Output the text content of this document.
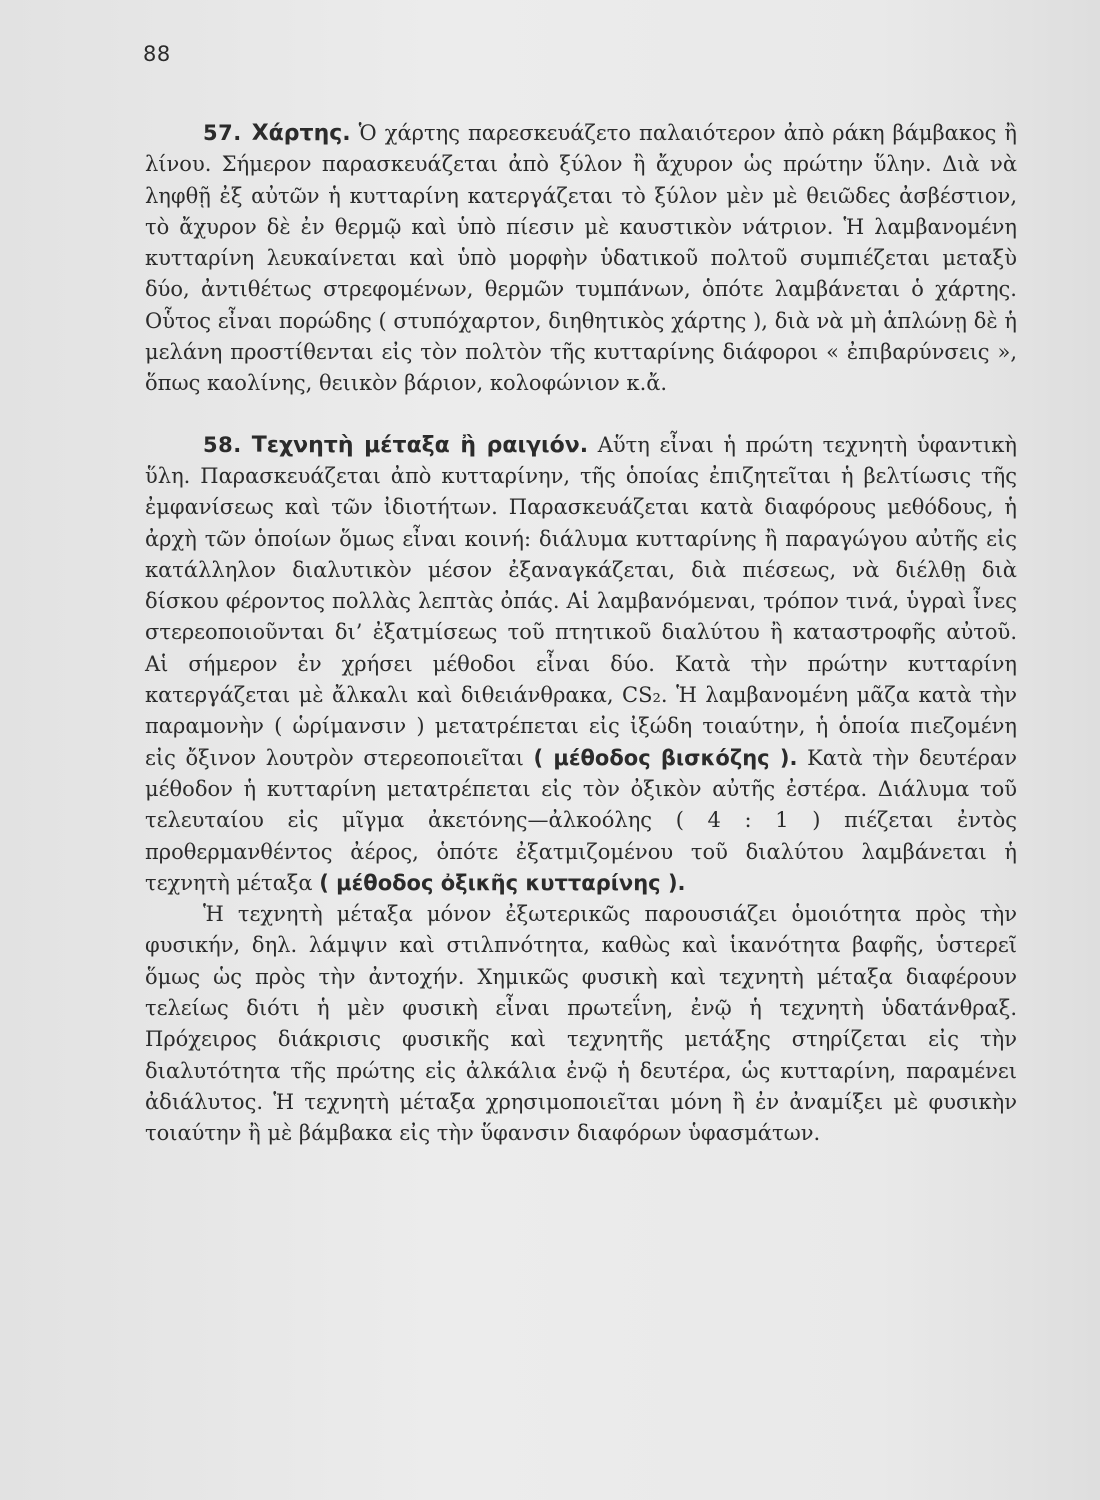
88

57. Χάρτης. Ὁ χάρτης παρεσκευάζετο παλαιότερον ἀπὸ ράκη βάμβακος ἢ λίνου. Σήμερον παρασκευάζεται ἀπὸ ξύλον ἢ ἄχυρον ὡς πρώτην ὕλην. Διὰ νὰ ληφθῇ ἐξ αὐτῶν ἡ κυτταρίνη κατεργάζεται τὸ ξύλον μὲν μὲ θειῶδες ἀσβέστιον, τὸ ἄχυρον δὲ ἐν θερμῷ καὶ ὑπὸ πίεσιν μὲ καυστικὸν νάτριον. Ἡ λαμβανομένη κυτταρίνη λευκαίνεται καὶ ὑπὸ μορφὴν ὑδατικοῦ πολτοῦ συμπιέζεται μεταξὺ δύο, ἀντιθέτως στρεφομένων, θερμῶν τυμπάνων, ὁπότε λαμβάνεται ὁ χάρτης. Οὗτος εἶναι πορώδης ( στυπόχαρτον, διηθητικὸς χάρτης ), διὰ νὰ μὴ ἁπλώνῃ δὲ ἡ μελάνη προστίθενται εἰς τὸν πολτὸν τῆς κυτταρίνης διάφοροι « ἐπιβαρύνσεις », ὅπως καολίνης, θειικὸν βάριον, κολοφώνιον κ.ἄ.

58. Τεχνητὴ μέταξα ἢ ραιγιόν. Αὕτη εἶναι ἡ πρώτη τεχνητὴ ὑφαντικὴ ὕλη. Παρασκευάζεται ἀπὸ κυτταρίνην, τῆς ὁποίας ἐπιζητεῖται ἡ βελτίωσις τῆς ἐμφανίσεως καὶ τῶν ἰδιοτήτων. Παρασκευάζεται κατὰ διαφόρους μεθόδους, ἡ ἀρχὴ τῶν ὁποίων ὅμως εἶναι κοινή: διάλυμα κυτταρίνης ἢ παραγώγου αὐτῆς εἰς κατάλληλον διαλυτικὸν μέσον ἐξαναγκάζεται, διὰ πιέσεως, νὰ διέλθῃ διὰ δίσκου φέροντος πολλὰς λεπτὰς ὀπάς. Αἱ λαμβανόμεναι, τρόπον τινά, ὑγραὶ ἶνες στερεοποιοῦνται δι’ ἐξατμίσεως τοῦ πτητικοῦ διαλύτου ἢ καταστροφῆς αὐτοῦ. Αἱ σήμερον ἐν χρήσει μέθοδοι εἶναι δύο. Κατὰ τὴν πρώτην κυτταρίνη κατεργάζεται μὲ ἄλκαλι καὶ διθειάνθρακα, CS₂. Ἡ λαμβανομένη μᾶζα κατὰ τὴν παραμονὴν ( ὡρίμανσιν ) μετατρέπεται εἰς ἰξώδη τοιαύτην, ἡ ὁποία πιεζομένη εἰς ὄξινον λουτρὸν στερεοποιεῖται ( μέθοδος βισκόζης ). Κατὰ τὴν δευτέραν μέθοδον ἡ κυτταρίνη μετατρέπεται εἰς τὸν ὀξικὸν αὐτῆς ἐστέρα. Διάλυμα τοῦ τελευταίου εἰς μῖγμα ἀκετόνης—ἀλκοόλης ( 4 : 1 ) πιέζεται ἐντὸς προθερμανθέντος ἀέρος, ὁπότε ἐξατμιζομένου τοῦ διαλύτου λαμβάνεται ἡ τεχνητὴ μέταξα ( μέθοδος ὀξικῆς κυτταρίνης ).

Ἡ τεχνητὴ μέταξα μόνον ἐξωτερικῶς παρουσιάζει ὁμοιότητα πρὸς τὴν φυσικήν, δηλ. λάμψιν καὶ στιλπνότητα, καθὼς καὶ ἱκανότητα βαφῆς, ὑστερεῖ ὅμως ὡς πρὸς τὴν ἀντοχήν. Χημικῶς φυσικὴ καὶ τεχνητὴ μέταξα διαφέρουν τελείως διότι ἡ μὲν φυσικὴ εἶναι πρωτεΐνη, ἐνῷ ἡ τεχνητὴ ὑδατάνθραξ. Πρόχειρος διάκρισις φυσικῆς καὶ τεχνητῆς μετάξης στηρίζεται εἰς τὴν διαλυτότητα τῆς πρώτης εἰς ἀλκάλια ἐνῷ ἡ δευτέρα, ὡς κυτταρίνη, παραμένει ἀδιάλυτος. Ἡ τεχνητὴ μέταξα χρησιμοποιεῖται μόνη ἢ ἐν ἀναμίξει μὲ φυσικὴν τοιαύτην ἢ μὲ βάμβακα εἰς τὴν ὕφανσιν διαφόρων ὑφασμάτων.
